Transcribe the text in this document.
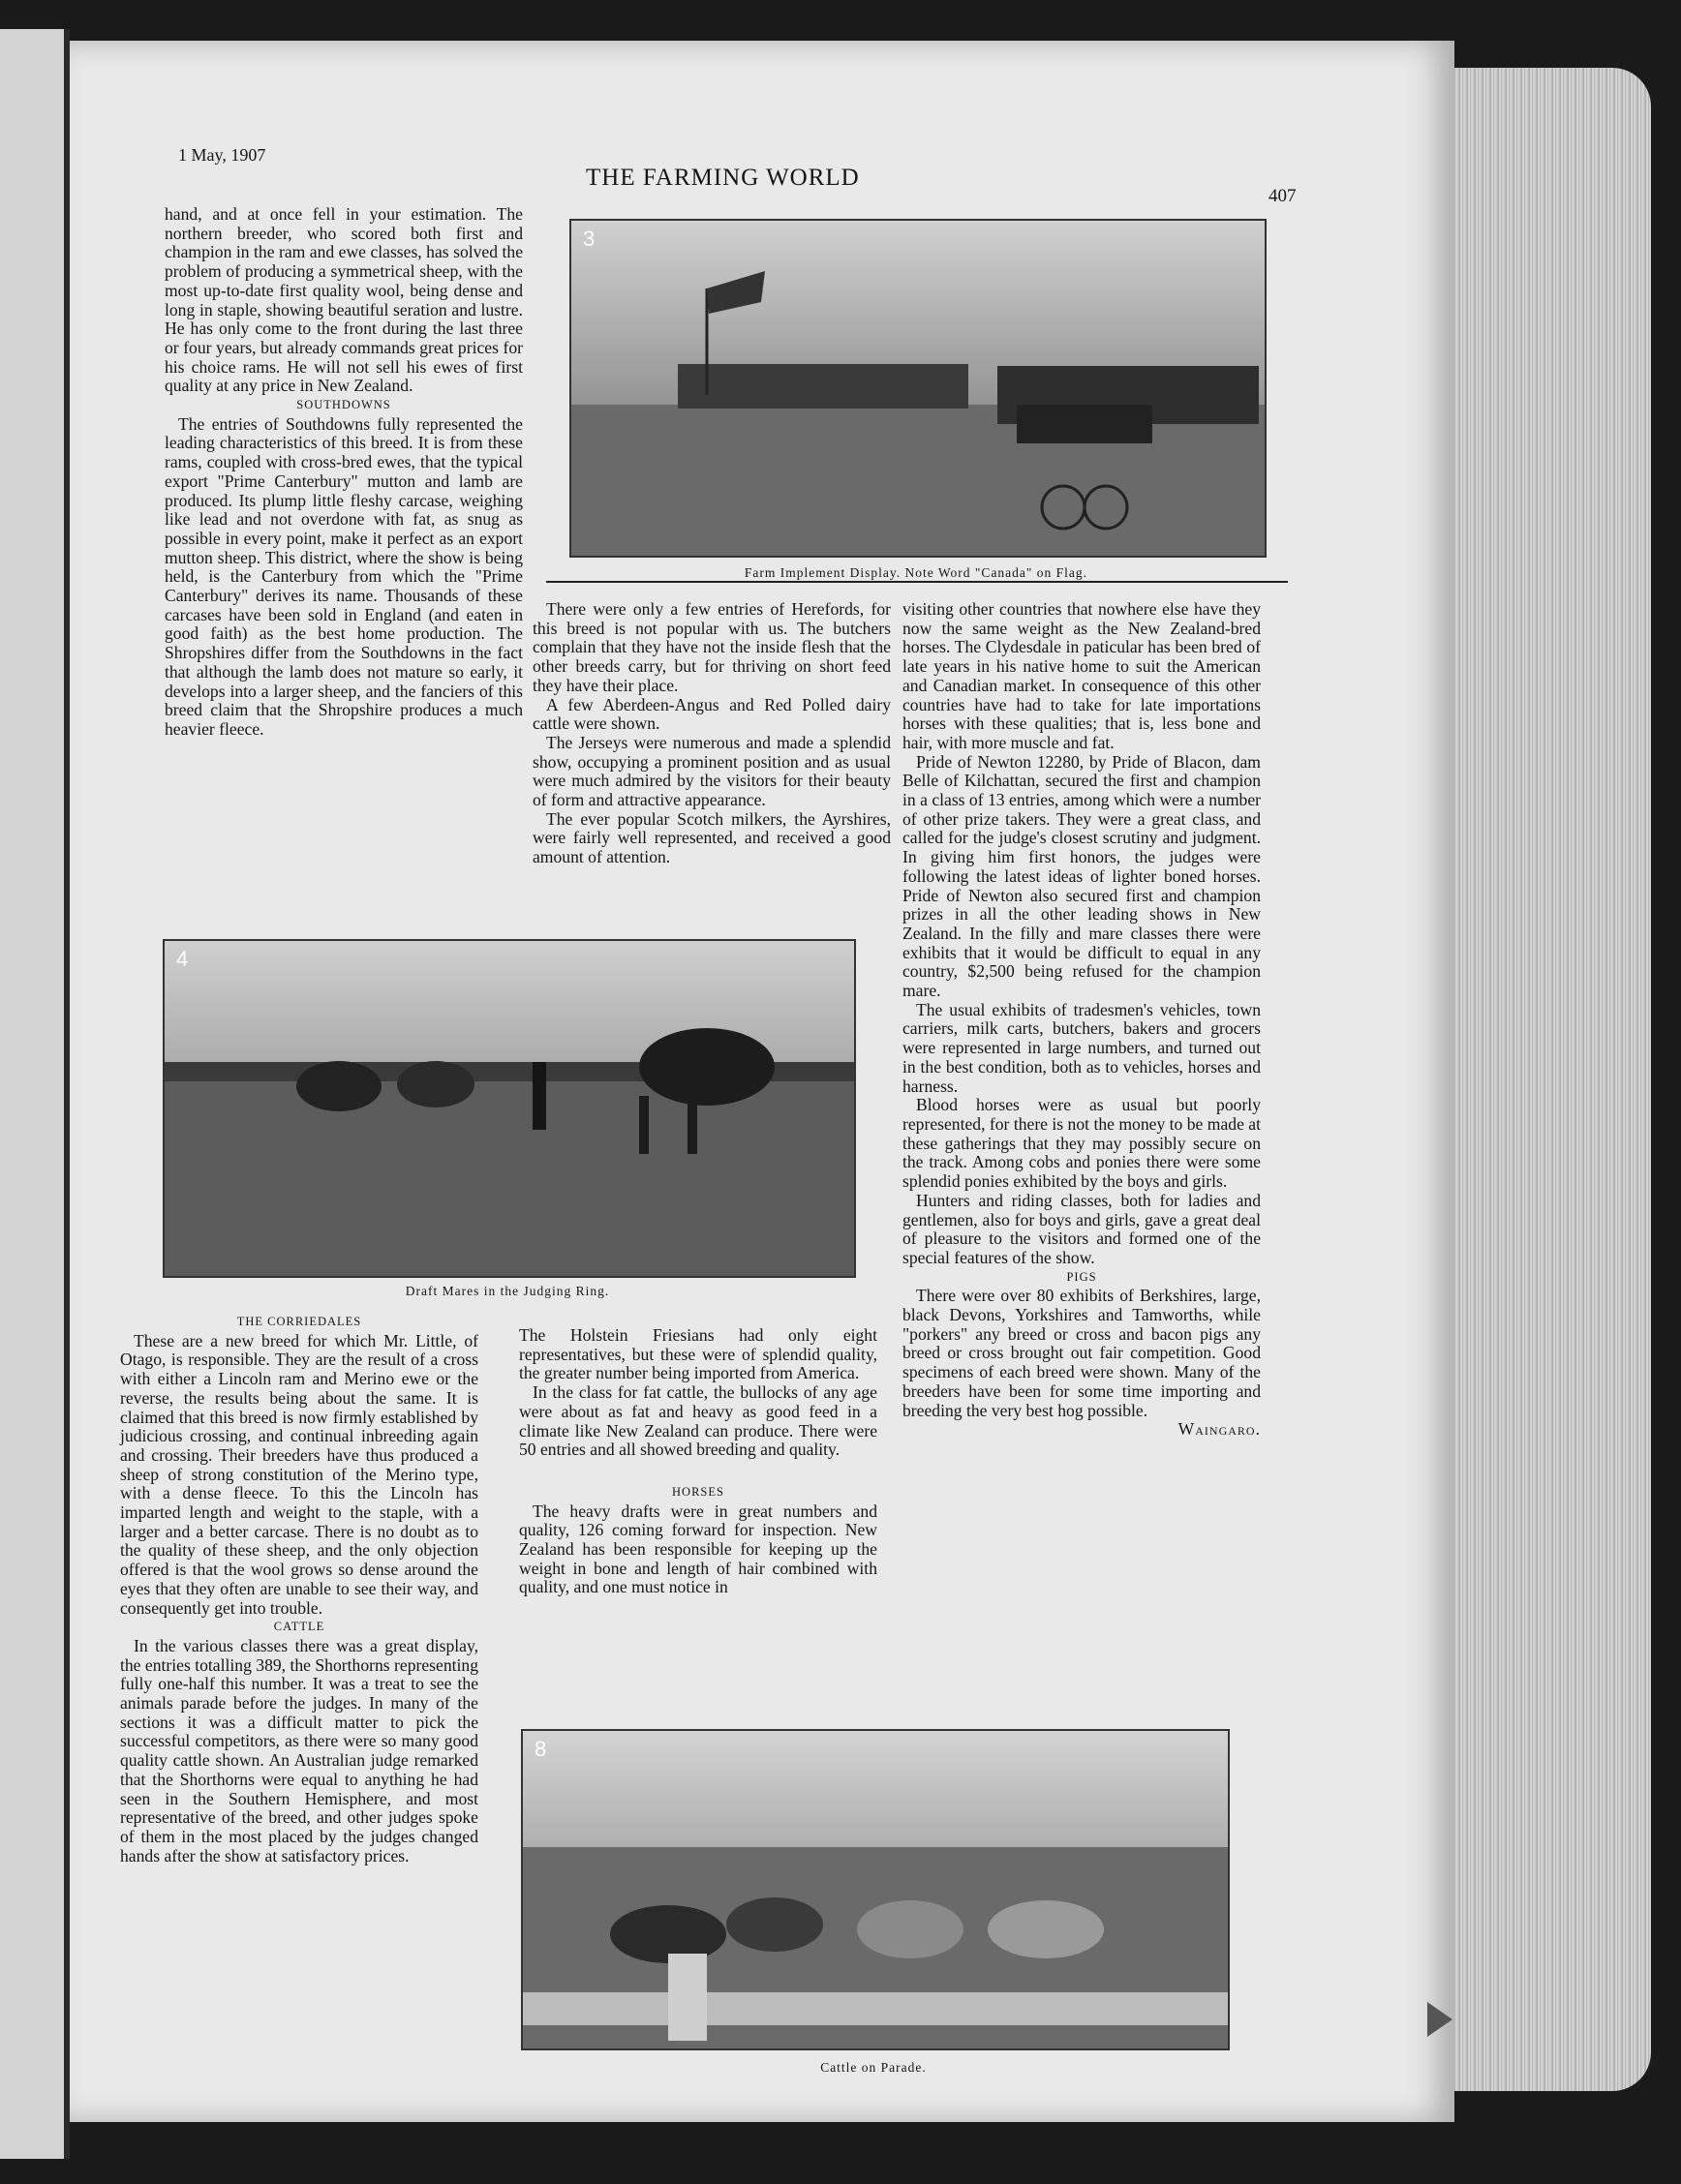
1 May, 1907
THE FARMING WORLD
407
3
Farm Implement Display. Note Word "Canada" on Flag.
4
Draft Mares in the Judging Ring.
8
Cattle on Parade.

hand, and at once fell in your estimation. The northern breeder, who scored both first and champion in the ram and ewe classes, has solved the problem of producing a symmetrical sheep, with the most up-to-date first quality wool, being dense and long in staple, showing beautiful seration and lustre. He has only come to the front during the last three or four years, but already commands great prices for his choice rams. He will not sell his ewes of first quality at any price in New Zealand.

SOUTHDOWNS

The entries of Southdowns fully represented the leading characteristics of this breed. It is from these rams, coupled with cross-bred ewes, that the typical export "Prime Canterbury" mutton and lamb are produced. Its plump little fleshy carcase, weighing like lead and not overdone with fat, as snug as possible in every point, make it perfect as an export mutton sheep. This district, where the show is being held, is the Canterbury from which the "Prime Canterbury" derives its name. Thousands of these carcases have been sold in England (and eaten in good faith) as the best home production. The Shropshires differ from the Southdowns in the fact that although the lamb does not mature so early, it develops into a larger sheep, and the fanciers of this breed claim that the Shropshire produces a much heavier fleece.

There were only a few entries of Herefords, for this breed is not popular with us. The butchers complain that they have not the inside flesh that the other breeds carry, but for thriving on short feed they have their place.

A few Aberdeen-Angus and Red Polled dairy cattle were shown.

The Jerseys were numerous and made a splendid show, occupying a prominent position and as usual were much admired by the visitors for their beauty of form and attractive appearance.

The ever popular Scotch milkers, the Ayrshires, were fairly well represented, and received a good amount of attention.

visiting other countries that nowhere else have they now the same weight as the New Zealand-bred horses. The Clydesdale in paticular has been bred of late years in his native home to suit the American and Canadian market. In consequence of this other countries have had to take for late importations horses with these qualities; that is, less bone and hair, with more muscle and fat.

Pride of Newton 12280, by Pride of Blacon, dam Belle of Kilchattan, secured the first and champion in a class of 13 entries, among which were a number of other prize takers. They were a great class, and called for the judge's closest scrutiny and judgment. In giving him first honors, the judges were following the latest ideas of lighter boned horses. Pride of Newton also secured first and champion prizes in all the other leading shows in New Zealand. In the filly and mare classes there were exhibits that it would be difficult to equal in any country, $2,500 being refused for the champion mare.

The usual exhibits of tradesmen's vehicles, town carriers, milk carts, butchers, bakers and grocers were represented in large numbers, and turned out in the best condition, both as to vehicles, horses and harness.

Blood horses were as usual but poorly represented, for there is not the money to be made at these gatherings that they may possibly secure on the track. Among cobs and ponies there were some splendid ponies exhibited by the boys and girls.

Hunters and riding classes, both for ladies and gentlemen, also for boys and girls, gave a great deal of pleasure to the visitors and formed one of the special features of the show.

PIGS

There were over 80 exhibits of Berkshires, large, black Devons, Yorkshires and Tamworths, while "porkers" any breed or cross and bacon pigs any breed or cross brought out fair competition. Good specimens of each breed were shown. Many of the breeders have been for some time importing and breeding the very best hog possible.

Waingaro.

THE CORRIEDALES

These are a new breed for which Mr. Little, of Otago, is responsible. They are the result of a cross with either a Lincoln ram and Merino ewe or the reverse, the results being about the same. It is claimed that this breed is now firmly established by judicious crossing, and continual inbreeding again and crossing. Their breeders have thus produced a sheep of strong constitution of the Merino type, with a dense fleece. To this the Lincoln has imparted length and weight to the staple, with a larger and a better carcase. There is no doubt as to the quality of these sheep, and the only objection offered is that the wool grows so dense around the eyes that they often are unable to see their way, and consequently get into trouble.

CATTLE

In the various classes there was a great display, the entries totalling 389, the Shorthorns representing fully one-half this number. It was a treat to see the animals parade before the judges. In many of the sections it was a difficult matter to pick the successful competitors, as there were so many good quality cattle shown. An Australian judge remarked that the Shorthorns were equal to anything he had seen in the Southern Hemisphere, and most representative of the breed, and other judges spoke of them in the most placed by the judges changed hands after the show at satisfactory prices.

The Holstein Friesians had only eight representatives, but these were of splendid quality, the greater number being imported from America.

In the class for fat cattle, the bullocks of any age were about as fat and heavy as good feed in a climate like New Zealand can produce. There were 50 entries and all showed breeding and quality.

HORSES

The heavy drafts were in great numbers and quality, 126 coming forward for inspection. New Zealand has been responsible for keeping up the weight in bone and length of hair combined with quality, and one must notice in
